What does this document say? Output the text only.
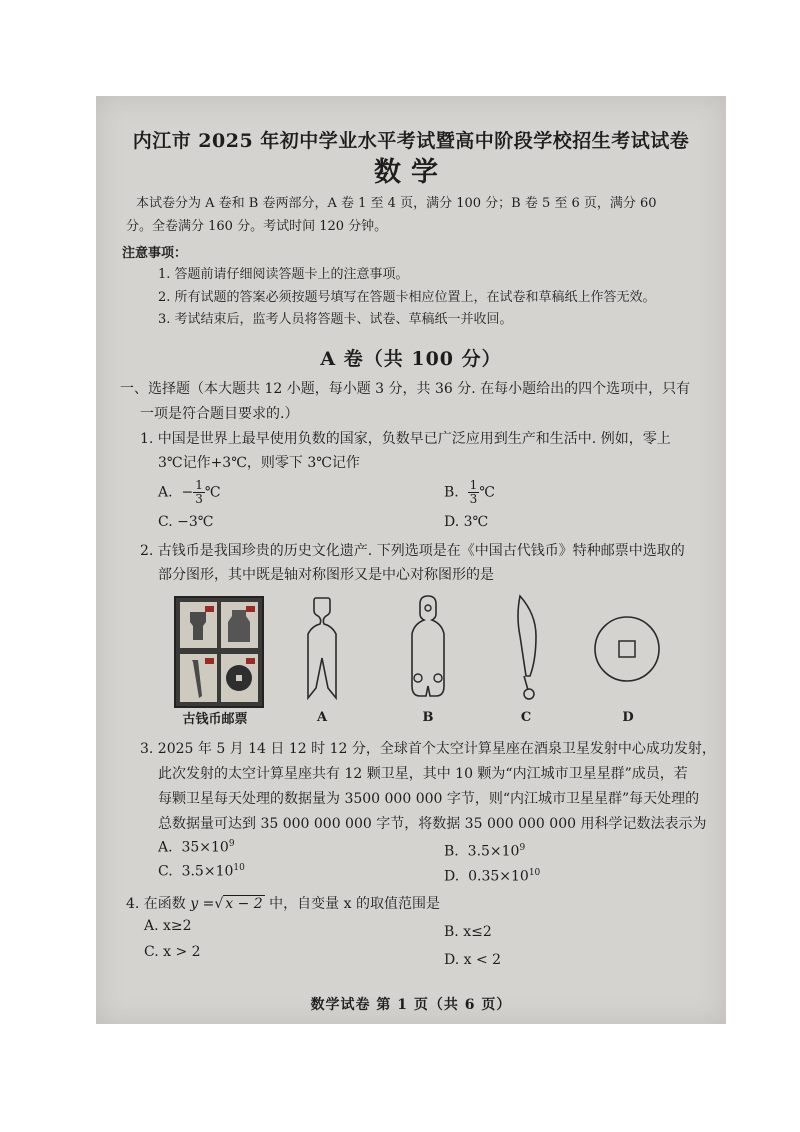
内江市 2025 年初中学业水平考试暨高中阶段学校招生考试试卷
数学
本试卷分为 A 卷和 B 卷两部分，A 卷 1 至 4 页，满分 100 分；B 卷 5 至 6 页，满分 60
分。全卷满分 160 分。考试时间 120 分钟。
注意事项：
1. 答题前请仔细阅读答题卡上的注意事项。
2. 所有试题的答案必须按题号填写在答题卡相应位置上，在试卷和草稿纸上作答无效。
3. 考试结束后，监考人员将答题卡、试卷、草稿纸一并收回。
A 卷（共 100 分）
一、选择题（本大题共 12 小题，每小题 3 分，共 36 分. 在每小题给出的四个选项中，只有
一项是符合题目要求的.）
1. 中国是世界上最早使用负数的国家，负数早已广泛应用到生产和生活中. 例如，零上
3℃记作+3℃，则零下 3℃记作
A. − $\frac{1}{3}$ ℃	B. $\frac{1}{3}$ ℃
C. −3℃	D. 3℃
2. 古钱币是我国珍贵的历史文化遗产. 下列选项是在《中国古代钱币》特种邮票中选取的
部分图形，其中既是轴对称图形又是中心对称图形的是
古钱币邮票	A	B	C	D
3. 2025 年 5 月 14 日 12 时 12 分，全球首个太空计算星座在酒泉卫星发射中心成功发射，
此次发射的太空计算星座共有 12 颗卫星，其中 10 颗为“内江城市卫星星群”成员，若
每颗卫星每天处理的数据量为 3500 000 000 字节，则“内江城市卫星星群”每天处理的
总数据量可达到 35 000 000 000 字节，将数据 35 000 000 000 用科学记数法表示为
A. $35\times 10^9$	B. $3.5\times 10^9$
C. $3.5\times 10^{10}$
D. $0.35\times 10^{10}$
4. 在函数 y =√ x − 2 中，自变量 x 的取值范围是
A. x≥2	B. x≤2
C. x > 2	D. x < 2
数学试卷 第 1 页（共 6 页）
